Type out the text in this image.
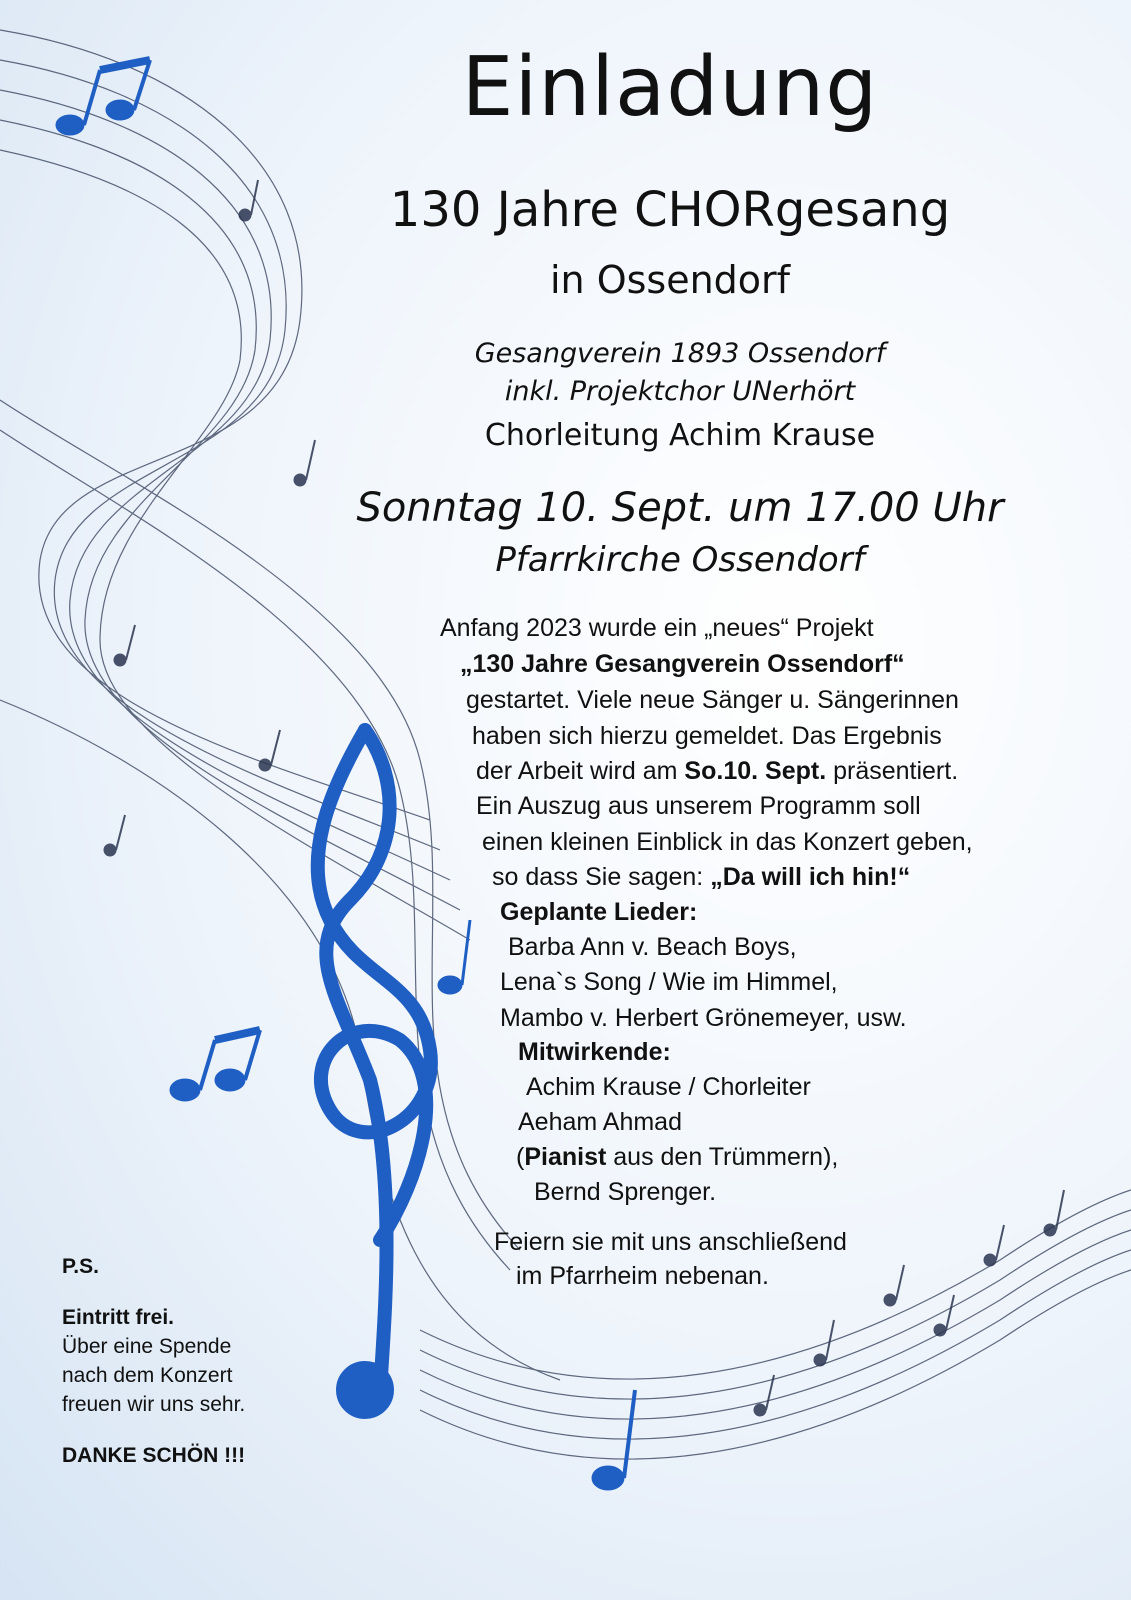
Einladung
130 Jahre CHORgesang
in Ossendorf
Gesangverein 1893 Ossendorf
inkl. Projektchor UNerhört
Chorleitung Achim Krause
Sonntag 10. Sept. um 17.00 Uhr
Pfarrkirche Ossendorf
Anfang 2023 wurde ein „neues“ Projekt
„130 Jahre Gesangverein Ossendorf“
gestartet. Viele neue Sänger u. Sängerinnen
haben sich hierzu gemeldet. Das Ergebnis
der Arbeit wird am So.10. Sept. präsentiert.
Ein Auszug aus unserem Programm soll
einen kleinen Einblick in das Konzert geben,
so dass Sie sagen: „Da will ich hin!“
Geplante Lieder:
Barba Ann v. Beach Boys,
Lena`s Song / Wie im Himmel,
Mambo v. Herbert Grönemeyer, usw.
Mitwirkende:
Achim Krause / Chorleiter
Aeham Ahmad
(Pianist aus den Trümmern),
Bernd Sprenger.
Feiern sie mit uns anschließend
im Pfarrheim nebenan.
P.S.
Eintritt frei.
Über eine Spende
nach dem Konzert
freuen wir uns sehr.
DANKE SCHÖN !!!
